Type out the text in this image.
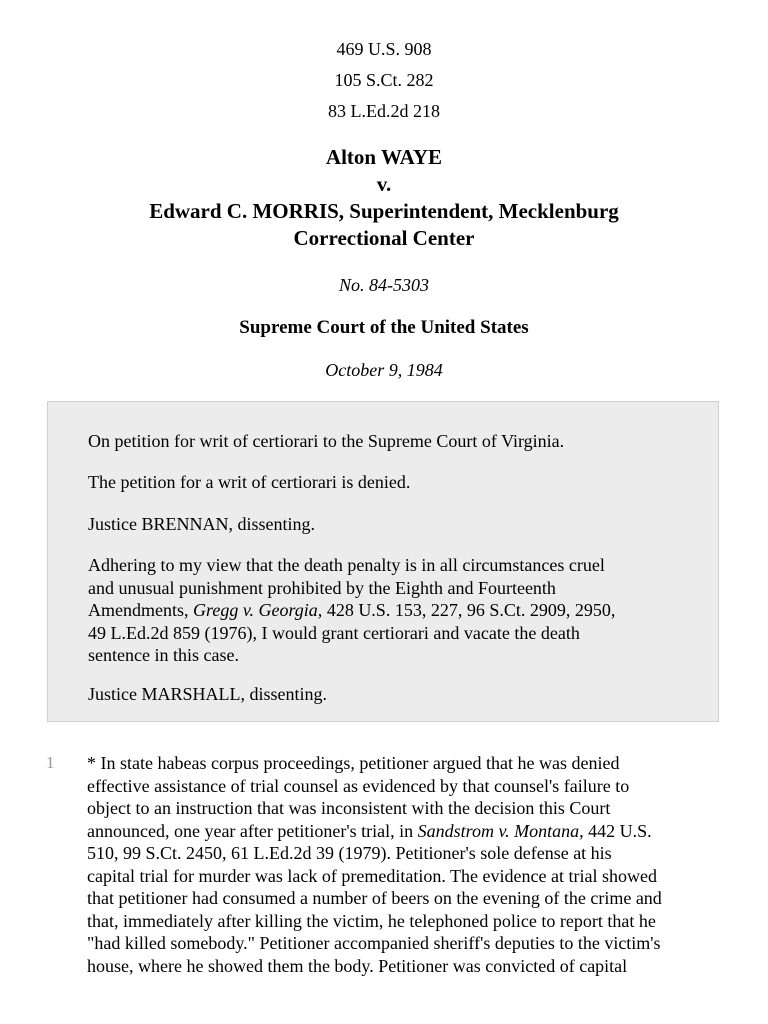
469 U.S. 908
105 S.Ct. 282
83 L.Ed.2d 218
Alton WAYE
v.
Edward C. MORRIS, Superintendent, Mecklenburg
Correctional Center
No. 84-5303
Supreme Court of the United States
October 9, 1984

On petition for writ of certiorari to the Supreme Court of Virginia.

The petition for a writ of certiorari is denied.

Justice BRENNAN, dissenting.

Adhering to my view that the death penalty is in all circumstances cruel
and unusual punishment prohibited by the Eighth and Fourteenth
Amendments, Gregg v. Georgia, 428 U.S. 153, 227, 96 S.Ct. 2909, 2950,
49 L.Ed.2d 859 (1976), I would grant certiorari and vacate the death
sentence in this case.

Justice MARSHALL, dissenting.

1 * In state habeas corpus proceedings, petitioner argued that he was denied
effective assistance of trial counsel as evidenced by that counsel's failure to
object to an instruction that was inconsistent with the decision this Court
announced, one year after petitioner's trial, in Sandstrom v. Montana, 442 U.S.
510, 99 S.Ct. 2450, 61 L.Ed.2d 39 (1979). Petitioner's sole defense at his
capital trial for murder was lack of premeditation. The evidence at trial showed
that petitioner had consumed a number of beers on the evening of the crime and
that, immediately after killing the victim, he telephoned police to report that he
"had killed somebody." Petitioner accompanied sheriff's deputies to the victim's
house, where he showed them the body. Petitioner was convicted of capital
